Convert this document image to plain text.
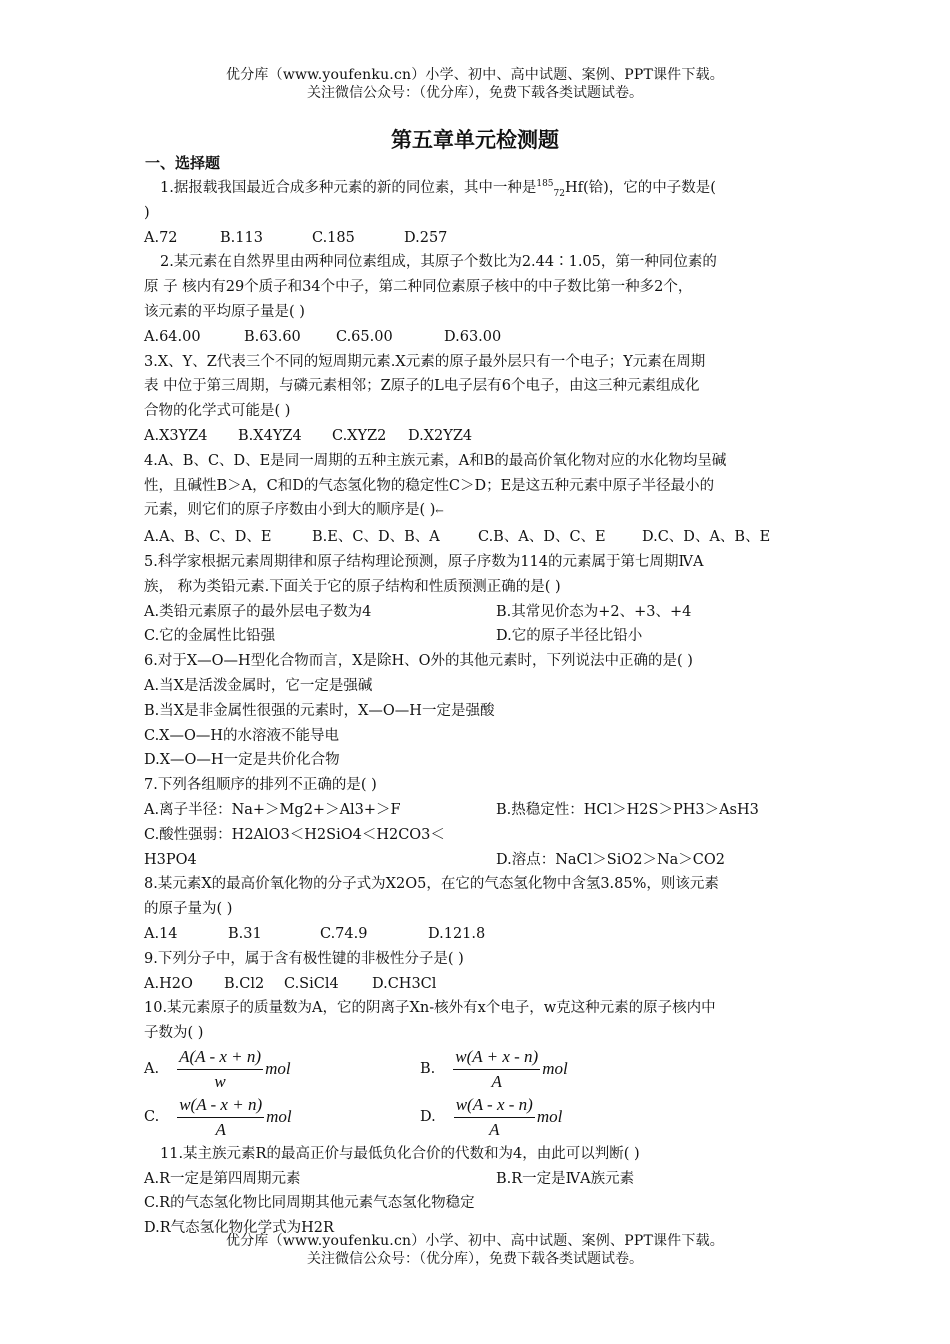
优分库（www.youfenku.cn）小学、初中、高中试题、案例、PPT课件下载。
关注微信公众号：（优分库），免费下载各类试题试卷。
第五章单元检测题
一、选择题

1.据报载我国最近合成多种元素的新的同位素，其中一种是$^{185}_{72}$Hf(铪)，它的中子数是(

)

A.72	B.113	C.185	D.257

2.某元素在自然界里由两种同位素组成，其原子个数比为2.44∶1.05，第一种同位素的

原 子 核内有29个质子和34个中子，第二种同位素原子核中的中子数比第一种多2个，

该元素的平均原子量是( )

A.64.00	B.63.60 C.65.00	D.63.00

3.X、Y、Z代表三个不同的短周期元素.X元素的原子最外层只有一个电子；Y元素在周期

表 中位于第三周期，与磷元素相邻；Z原子的L电子层有6个电子，由这三种元素组成化

合物的化学式可能是( )

A.X3YZ4 B.X4YZ4 C.XYZ2 D.X2YZ4

4.A、B、C、D、E是同一周期的五种主族元素，A和B的最高价氧化物对应的水化物均呈碱

性，且碱性B＞A，C和D的气态氢化物的稳定性C＞D；E是这五种元素中原子半径最小的

元素，则它们的原子序数由小到大的顺序是( )←

A.A、B、C、D、E	B.E、C、D、B、A	C.B、A、D、C、E	D.C、D、A、B、E

5.科学家根据元素周期律和原子结构理论预测，原子序数为114的元素属于第七周期ⅣA

族， 称为类铅元素.下面关于它的原子结构和性质预测正确的是( )

A.类铅元素原子的最外层电子数为4	B.其常见价态为+2、+3、+4

C.它的金属性比铅强	D.它的原子半径比铅小

6.对于X—O—H型化合物而言，X是除H、O外的其他元素时，下列说法中正确的是( )

A.当X是活泼金属时，它一定是强碱

B.当X是非金属性很强的元素时，X—O—H一定是强酸

C.X—O—H的水溶液不能导电

D.X—O—H一定是共价化合物

7.下列各组顺序的排列不正确的是( )

A.离子半径：Na+＞Mg2+＞Al3+＞F	B.热稳定性：HCl＞H2S＞PH3＞AsH3

C.酸性强弱：H2AlO3＜H2SiO4＜H2CO3＜H3PO4	D.溶点：NaCl＞SiO2＞Na＞CO2

8.某元素X的最高价氧化物的分子式为X2O5，在它的气态氢化物中含氢3.85%，则该元素

的原子量为( )

A.14	B.31	C.74.9	D.121.8

9.下列分子中，属于含有极性键的非极性分子是( )

A.H2O B.Cl2 C.SiCl4 D.CH3Cl

10.某元素原子的质量数为A，它的阴离子Xn-核外有x个电子，w克这种元素的原子核内中

子数为( )

A. $\frac{A(A - x + n)}{w}$ mol	B. $\frac{w(A + x - n)}{A}$ mol
C. $\frac{w(A - x + n)}{A}$ mol	D. $\frac{w(A - x - n)}{A}$ mol

11.某主族元素R的最高正价与最低负化合价的代数和为4，由此可以判断( )

A.R一定是第四周期元素	B.R一定是ⅣA族元素

C.R的气态氢化物比同周期其他元素气态氢化物稳定

D.R气态氢化物化学式为H2R

优分库（www.youfenku.cn）小学、初中、高中试题、案例、PPT课件下载。
关注微信公众号：（优分库），免费下载各类试题试卷。
